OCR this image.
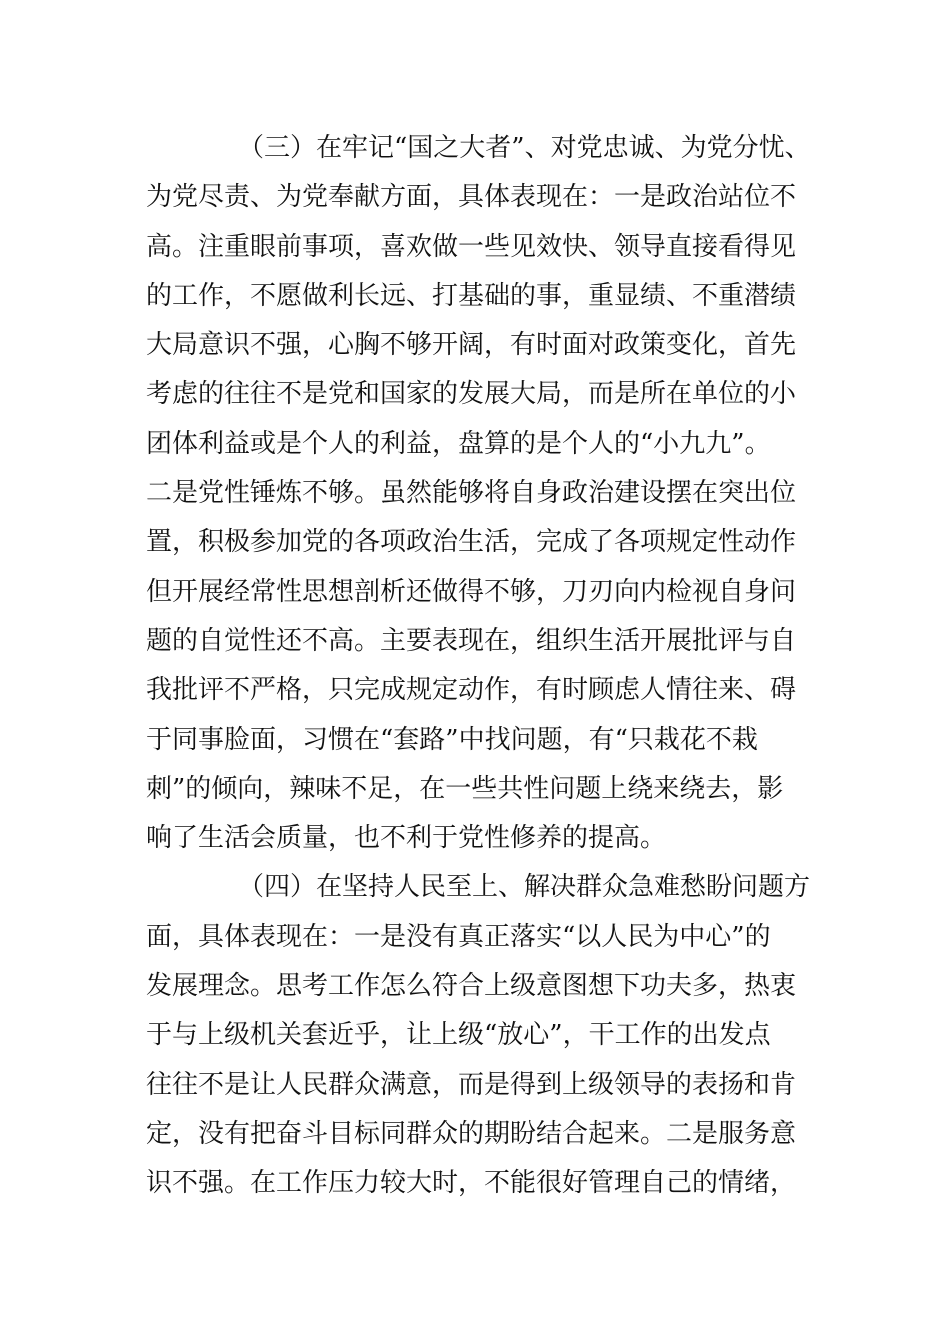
（三）在牢记“国之大者”、对党忠诚、为党分忧、
为党尽责、为党奉献方面，具体表现在：一是政治站位不
高。注重眼前事项，喜欢做一些见效快、领导直接看得见
的工作，不愿做利长远、打基础的事，重显绩、不重潜绩
大局意识不强，心胸不够开阔，有时面对政策变化，首先
考虑的往往不是党和国家的发展大局，而是所在单位的小
团体利益或是个人的利益，盘算的是个人的“小九九”。
二是党性锤炼不够。虽然能够将自身政治建设摆在突出位
置，积极参加党的各项政治生活，完成了各项规定性动作
但开展经常性思想剖析还做得不够，刀刃向内检视自身问
题的自觉性还不高。主要表现在，组织生活开展批评与自
我批评不严格，只完成规定动作，有时顾虑人情往来、碍
于同事脸面，习惯在“套路”中找问题，有“只栽花不栽
刺”的倾向，辣味不足，在一些共性问题上绕来绕去，影
响了生活会质量，也不利于党性修养的提高。
（四）在坚持人民至上、解决群众急难愁盼问题方
面，具体表现在：一是没有真正落实“以人民为中心”的
发展理念。思考工作怎么符合上级意图想下功夫多，热衷
于与上级机关套近乎，让上级“放心”，干工作的出发点
往往不是让人民群众满意，而是得到上级领导的表扬和肯
定，没有把奋斗目标同群众的期盼结合起来。二是服务意
识不强。在工作压力较大时，不能很好管理自己的情绪，
